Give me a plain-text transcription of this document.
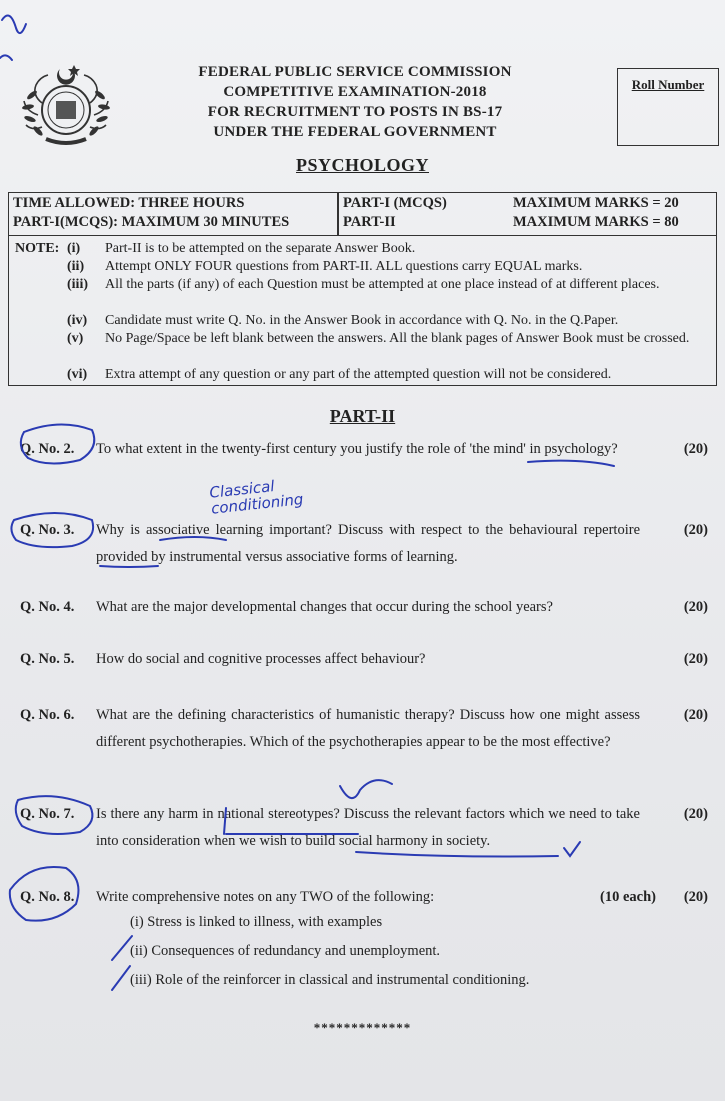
FEDERAL PUBLIC SERVICE COMMISSION
COMPETITIVE EXAMINATION-2018
FOR RECRUITMENT TO POSTS IN BS-17
UNDER THE FEDERAL GOVERNMENT
Roll Number
PSYCHOLOGY
TIME ALLOWED: THREE HOURS	PART-I (MCQS)	MAXIMUM MARKS = 20
PART-I(MCQS): MAXIMUM 30 MINUTES	PART-II	MAXIMUM MARKS = 80
NOTE: (i)	Part-II is to be attempted on the separate Answer Book.
(ii)	Attempt ONLY FOUR questions from PART-II. ALL questions carry EQUAL marks.
(iii)	All the parts (if any) of each Question must be attempted at one place instead of at different places.
(iv)	Candidate must write Q. No. in the Answer Book in accordance with Q. No. in the Q.Paper.
(v)	No Page/Space be left blank between the answers. All the blank pages of Answer Book must be crossed.
(vi)	Extra attempt of any question or any part of the attempted question will not be considered.
PART-II
Q. No. 2. To what extent in the twenty-first century you justify the role of 'the mind' in psychology?	(20)
Q. No. 3. Why is associative learning important? Discuss with respect to the behavioural repertoire provided by instrumental versus associative forms of learning.
(20)
Q. No. 4. What are the major developmental changes that occur during the school years?	(20)
Q. No. 5. How do social and cognitive processes affect behaviour?	(20)
Q. No. 6. What are the defining characteristics of humanistic therapy? Discuss how one might assess different psychotherapies. Which of the psychotherapies appear to be the most effective?
(20)
Q. No. 7. Is there any harm in national stereotypes? Discuss the relevant factors which we need to take into consideration when we wish to build social harmony in society.
(20)
Q. No. 8. Write comprehensive notes on any TWO of the following:	(10 each) (20)
(i) Stress is linked to illness, with examples
(ii) Consequences of redundancy and unemployment.
(iii) Role of the reinforcer in classical and instrumental conditioning.
*************
Classical conditioning
